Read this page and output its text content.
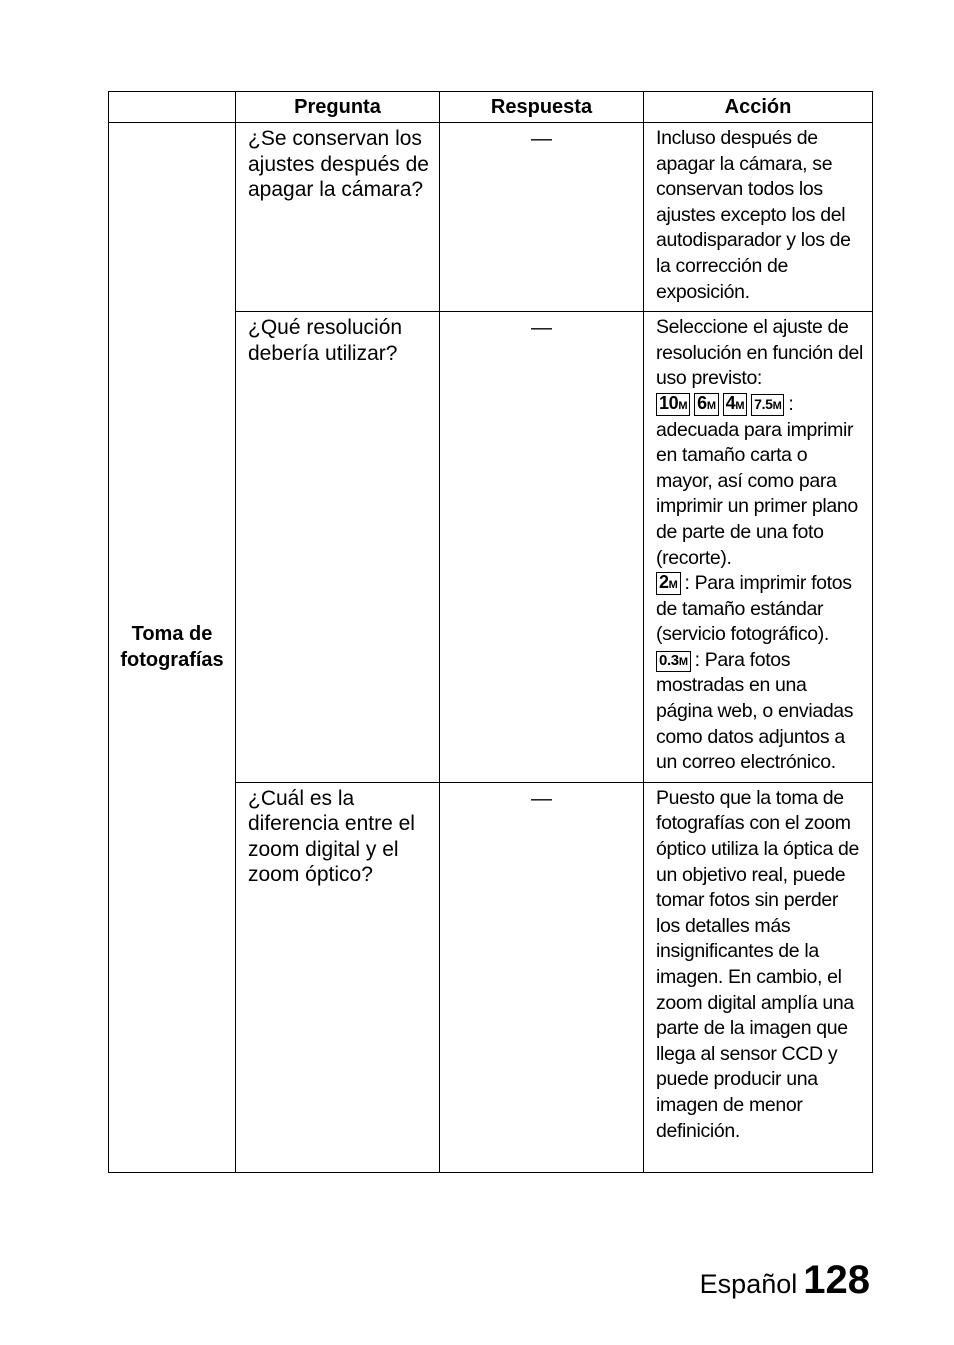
	Pregunta	Respuesta	Acción
Toma de fotografías	¿Se conservan los ajustes después de apagar la cámara?	—	Incluso después de apagar la cámara, se conservan todos los ajustes excepto los del autodisparador y los de la corrección de exposición.
	¿Qué resolución debería utilizar?	—	Seleccione el ajuste de resolución en función del uso previsto:

10M 6M 4M 7.5M : adecuada para imprimir en tamaño carta o mayor, así como para imprimir un primer plano de parte de una foto (recorte).

2M : Para imprimir fotos de tamaño estándar (servicio fotográfico).

0.3M : Para fotos mostradas en una página web, o enviadas como datos adjuntos a un correo electrónico.

	¿Cuál es la diferencia entre el zoom digital y el zoom óptico?	—	Puesto que la toma de fotografías con el zoom óptico utiliza la óptica de un objetivo real, puede tomar fotos sin perder los detalles más insignificantes de la imagen. En cambio, el zoom digital amplía una parte de la imagen que llega al sensor CCD y puede producir una imagen de menor definición.
Español 128
